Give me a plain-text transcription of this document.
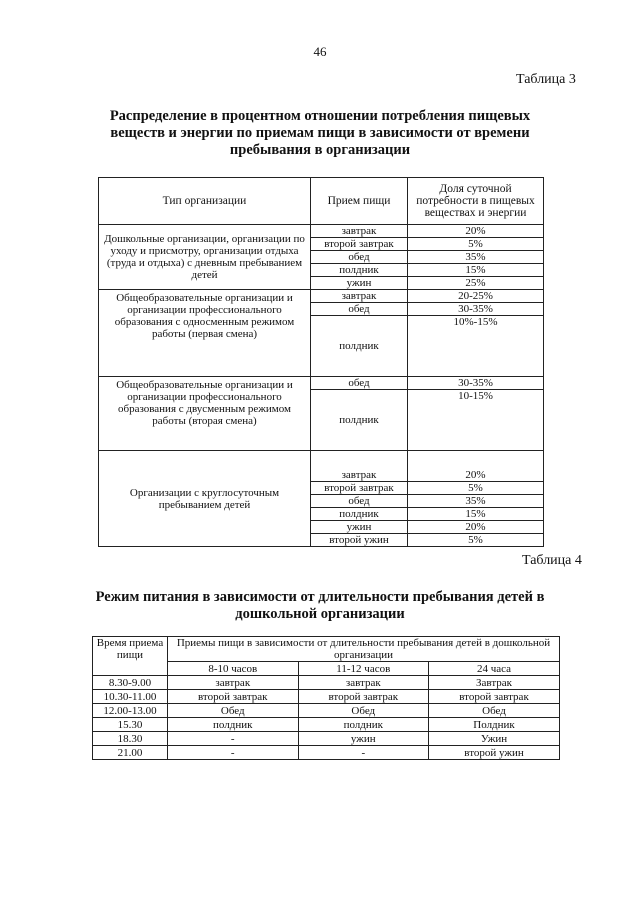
46
Таблица 3
Распределение в процентном отношении потребления пищевых веществ и энергии по приемам пищи в зависимости от времени пребывания в организации
Тип организации	Прием пищи	Доля суточной потребности в пищевых веществах и энергии
Дошкольные организации, организации по уходу и присмотру, организации отдыха (труда и отдыха) с дневным пребыванием детей	завтрак	20%
	второй завтрак	5%
	обед	35%
	полдник	15%
	ужин	25%
Общеобразовательные организации и организации профессионального образования с односменным режимом работы (первая смена)	завтрак	20-25%
	обед	30-35%
	полдник	10%-15%
Общеобразовательные организации и организации профессионального образования с двусменным режимом работы (вторая смена)	обед	30-35%
	полдник	10-15%
Организации с круглосуточным пребыванием детей		
	завтрак	20%
	второй завтрак	5%
	обед	35%
	полдник	15%
	ужин	20%
	второй ужин	5%
Таблица 4
Режим питания в зависимости от длительности пребывания детей в дошкольной организации
Время приема пищи	Приемы пищи в зависимости от длительности пребывания детей в дошкольной организации		
	8-10 часов	11-12 часов	24 часа
8.30-9.00	завтрак	завтрак	Завтрак
10.30-11.00	второй завтрак	второй завтрак	второй завтрак
12.00-13.00	Обед	Обед	Обед
15.30	полдник	полдник	Полдник
18.30	-	ужин	Ужин
21.00	-	-	второй ужин
